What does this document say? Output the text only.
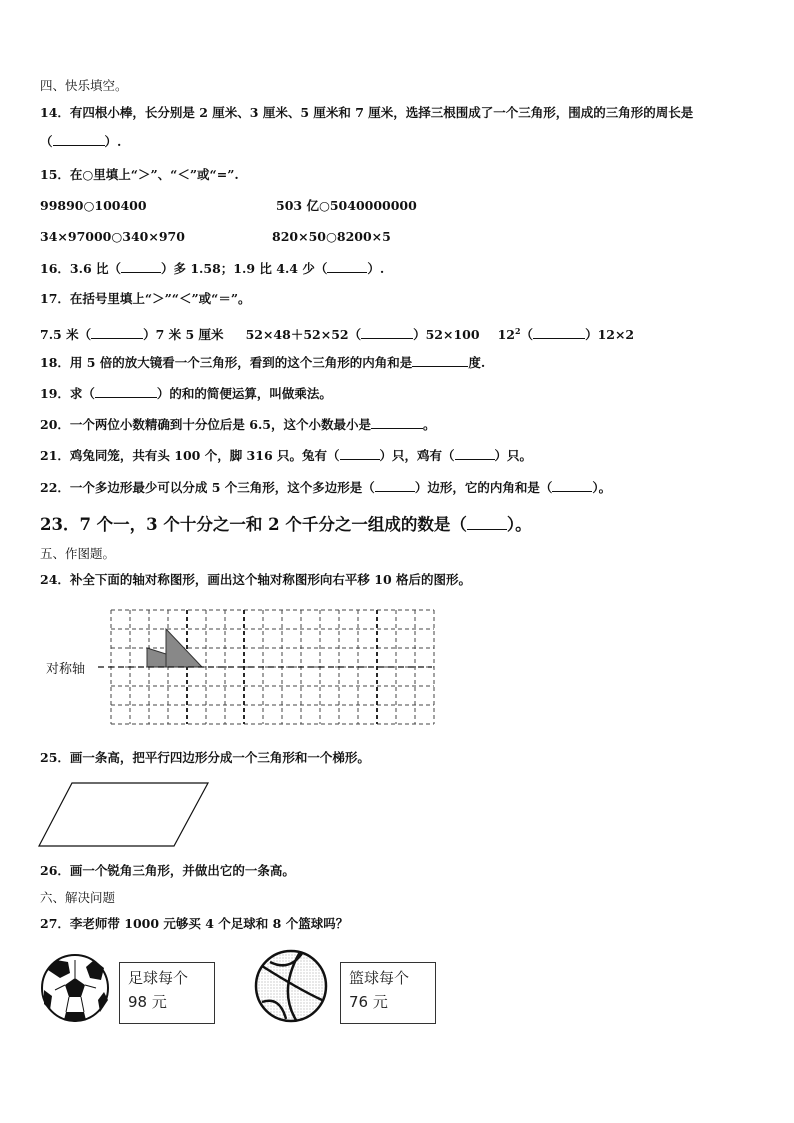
四、快乐填空。
14．有四根小棒，长分别是 2 厘米、3 厘米、5 厘米和 7 厘米，选择三根围成了一个三角形，围成的三角形的周长是
（	）.
15．在○里填上“＞”、“＜”或“=”.
99890○100400	503 亿○5040000000
34×97000○340×970	820×50○8200×5
16．3.6 比（	）多 1.58；1.9 比 4.4 少（	）.
17．在括号里填上“＞”“＜”或“＝”。
7.5 米（	）7 米 5 厘米 52×48＋52×52（	）52×100 $12^2$（	）12×2
18．用 5 倍的放大镜看一个三角形，看到的这个三角形的内角和是	度.
19．求（	）的和的简便运算，叫做乘法。
20．一个两位小数精确到十分位后是 6.5，这个小数最小是	。
21．鸡兔同笼，共有头 100 个，脚 316 只。兔有（	）只，鸡有（	）只。
22．一个多边形最少可以分成 5 个三角形，这个多边形是（	）边形，它的内角和是（	）。
23．7 个一，3 个十分之一和 2 个千分之一组成的数是（ ）。
五、作图题。
24．补全下面的轴对称图形，画出这个轴对称图形向右平移 10 格后的图形。
对称轴
25．画一条高，把平行四边形分成一个三角形和一个梯形。
26．画一个锐角三角形，并做出它的一条高。
六、解决问题
27．李老师带 1000 元够买 4 个足球和 8 个篮球吗？
足球每个
98 元
篮球每个
76 元
